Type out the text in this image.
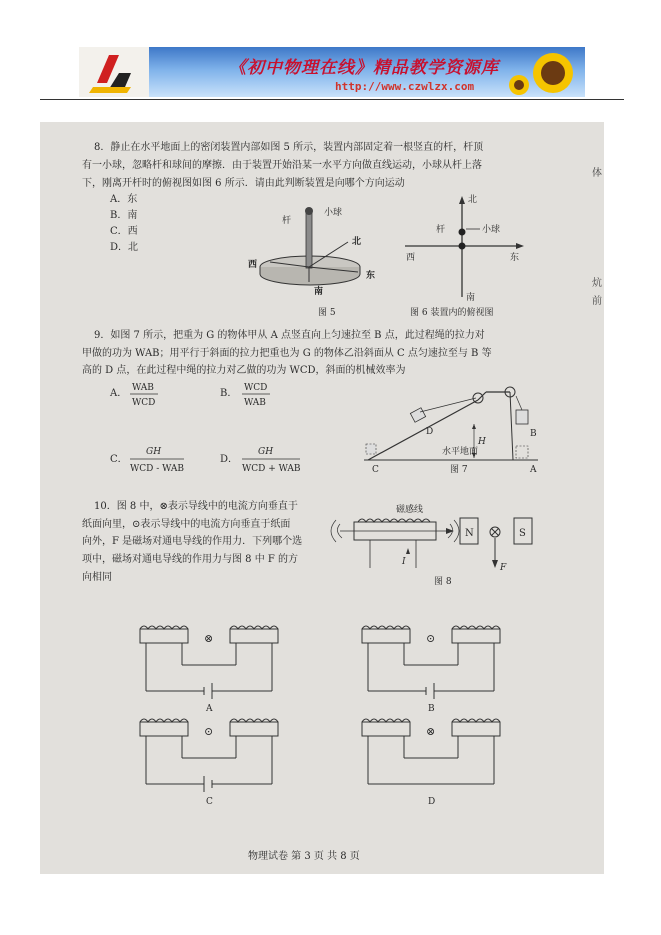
《初中物理在线》精品教学资源库
http://www.czwlzx.com
体
炕
前
8．静止在水平地面上的密闭装置内部如图 5 所示，装置内部固定着一根竖直的杆，杆顶
有一小球，忽略杆和球间的摩擦．由于装置开始沿某一水平方向做直线运动，小球从杆上落
下，刚离开杆时的俯视图如图 6 所示．请由此判断装置是向哪个方向运动
A．东
B．南
C．西
D．北
杆
小球
北
西
东
南
图 5
北
杆	小球
西	东
南
图 6 装置内的俯视图
9．如图 7 所示，把重为 G 的物体甲从 A 点竖直向上匀速拉至 B 点，此过程绳的拉力对
甲做的功为 WAB；用平行于斜面的拉力把重也为 G 的物体乙沿斜面从 C 点匀速拉至与 B 等
高的 D 点，在此过程中绳的拉力对乙做的功为 WCD，斜面的机械效率为
A． WAB
WCD
B． WCD
WAB
C．
GH
WCD - WAB
D．
GH
WCD + WAB
D
H
B
水平地面
C	A
图 7
10．图 8 中，⊗表示导线中的电流方向垂直于
纸面向里，⊙表示导线中的电流方向垂直于纸面
向外，F 是磁场对通电导线的作用力．下列哪个选
项中，磁场对通电导线的作用力与图 8 中 F 的方
向相同
磁感线
I
N	S
F
图 8
⊗
A
⊙
B
⊙
C
⊗
D
物理试卷 第 3 页 共 8 页
